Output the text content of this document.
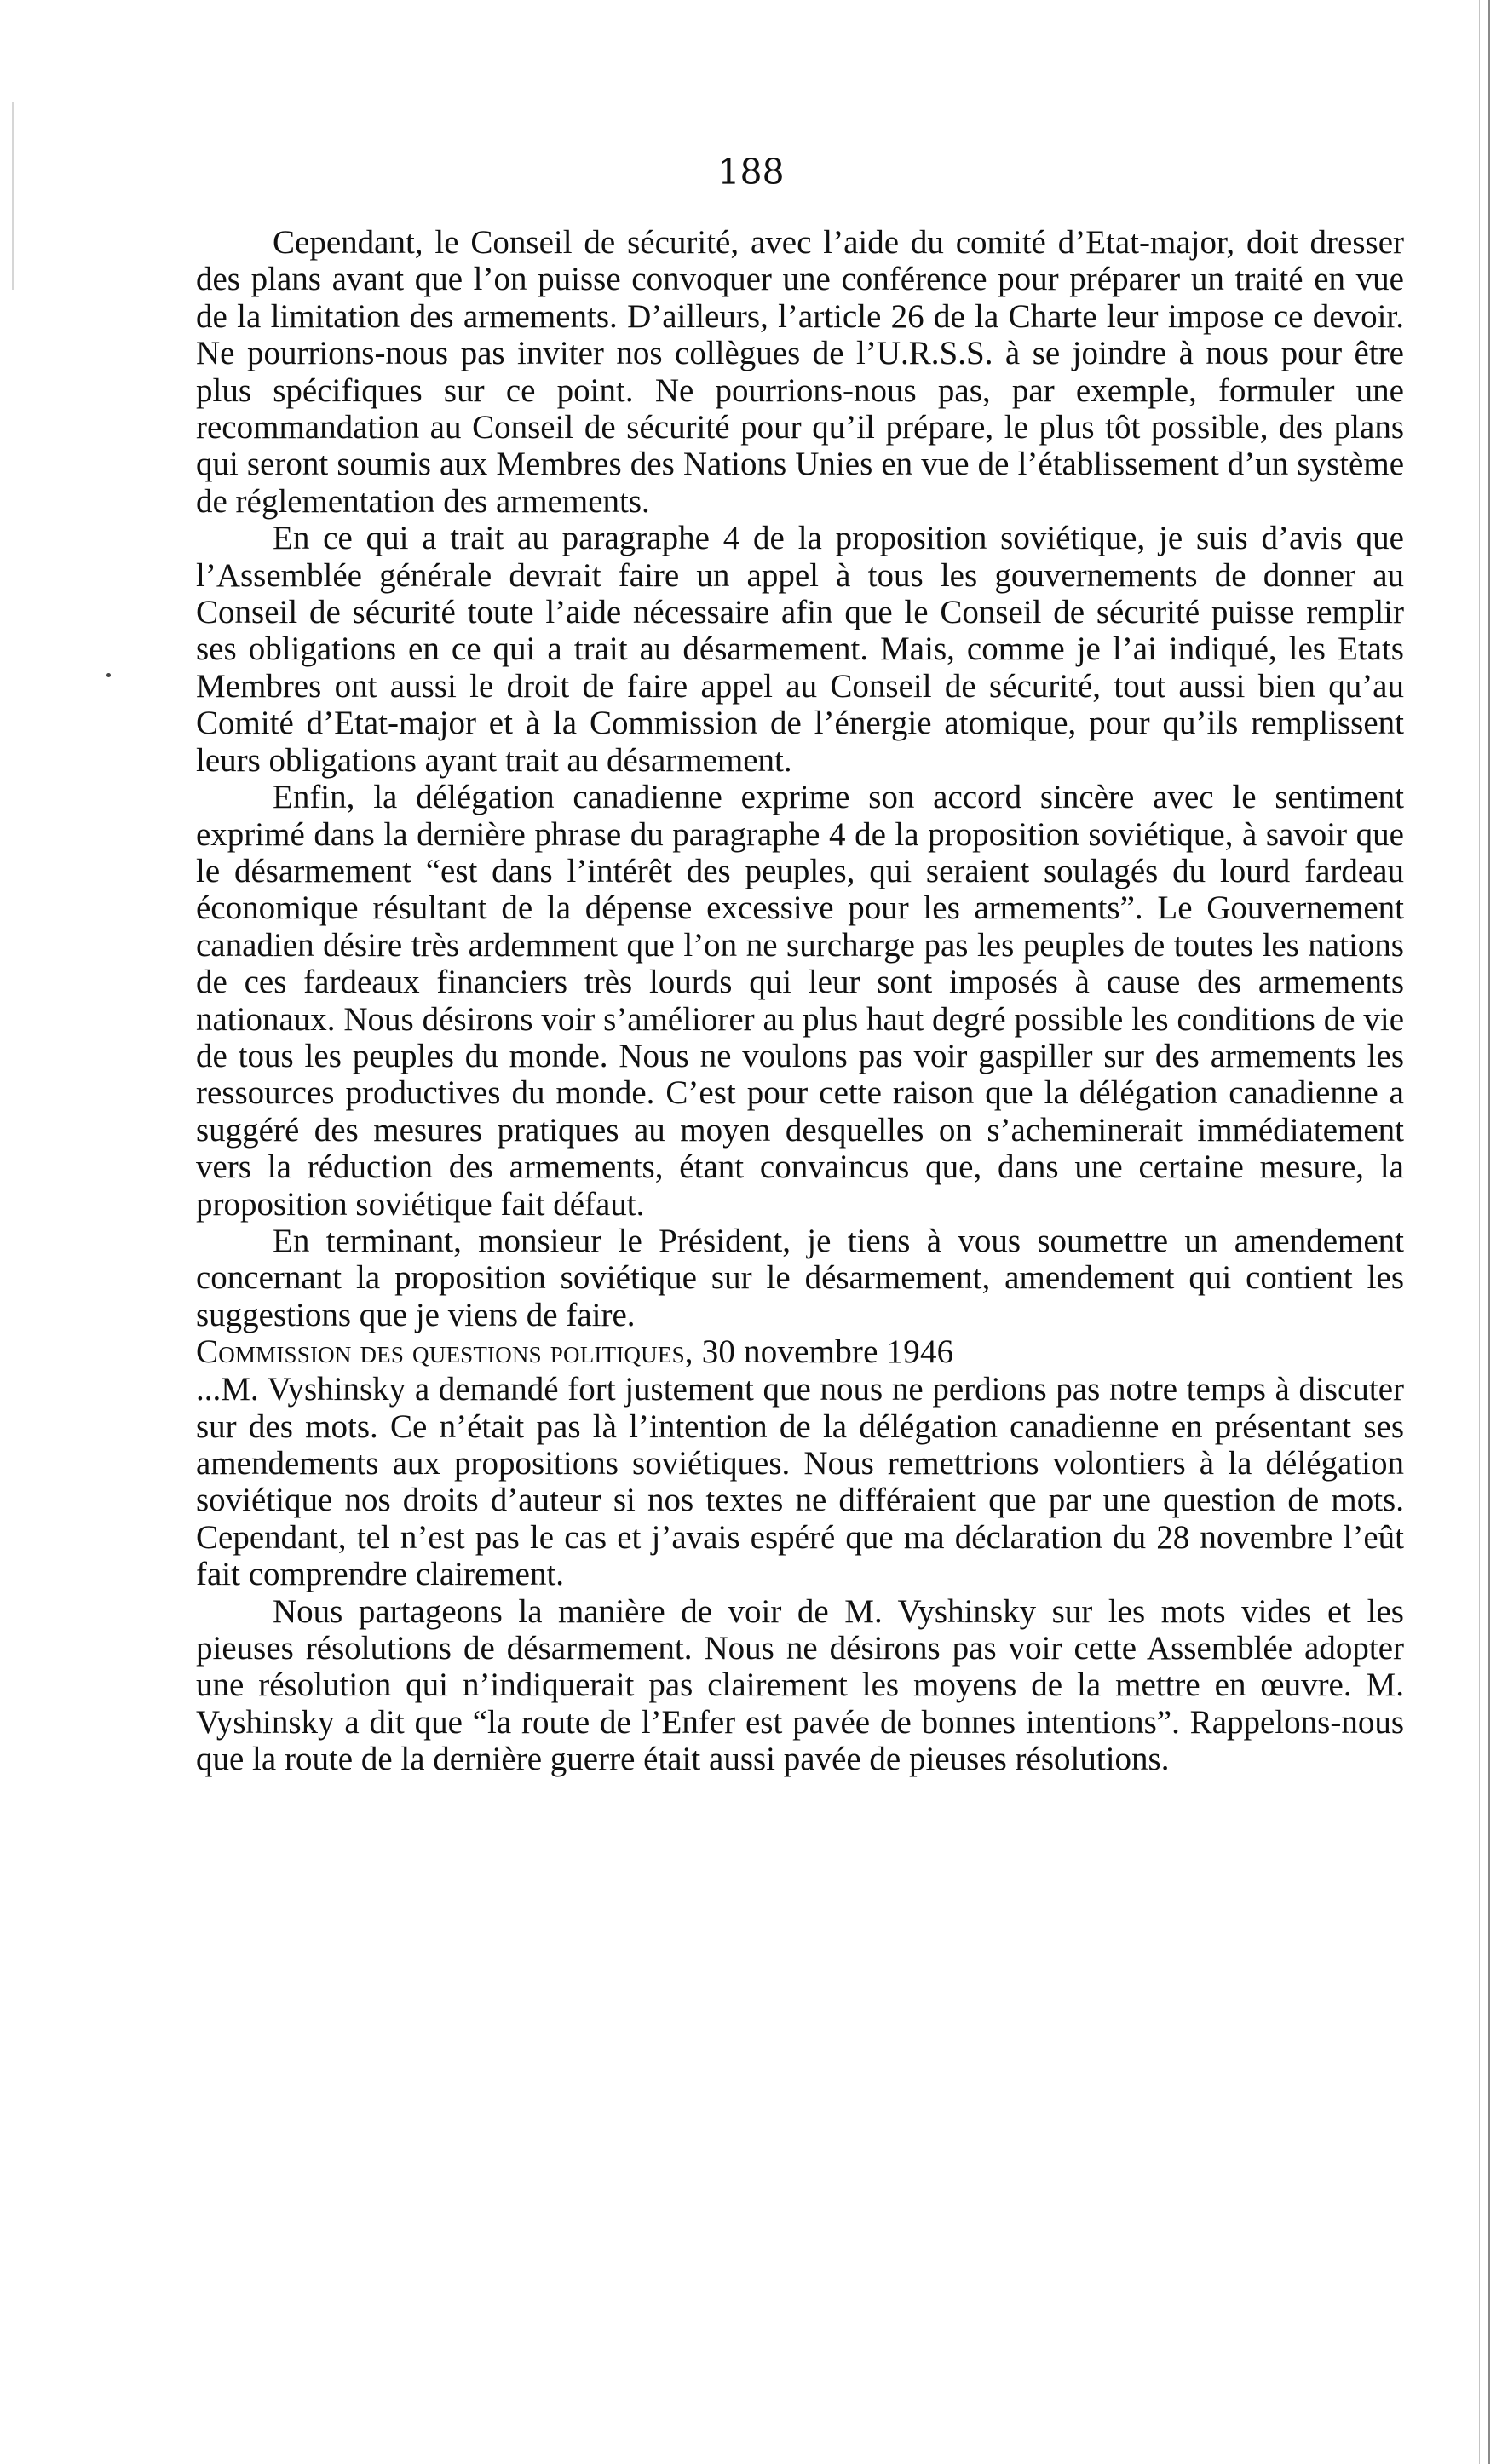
188

Cependant, le Conseil de sécurité, avec l’aide du comité d’Etat-major, doit dresser des plans avant que l’on puisse convoquer une conférence pour préparer un traité en vue de la limitation des armements. D’ailleurs, l’article 26 de la Charte leur impose ce devoir. Ne pourrions-nous pas inviter nos collègues de l’U.R.S.S. à se joindre à nous pour être plus spécifiques sur ce point. Ne pourrions-nous pas, par exemple, formuler une recommandation au Conseil de sécurité pour qu’il prépare, le plus tôt possible, des plans qui seront soumis aux Membres des Nations Unies en vue de l’établissement d’un système de réglementation des armements.

En ce qui a trait au paragraphe 4 de la proposition soviétique, je suis d’avis que l’Assemblée générale devrait faire un appel à tous les gouvernements de donner au Conseil de sécurité toute l’aide nécessaire afin que le Conseil de sécurité puisse remplir ses obligations en ce qui a trait au désarmement. Mais, comme je l’ai indiqué, les Etats Membres ont aussi le droit de faire appel au Conseil de sécurité, tout aussi bien qu’au Comité d’Etat-major et à la Commission de l’énergie atomique, pour qu’ils remplissent leurs obligations ayant trait au désarmement.

Enfin, la délégation canadienne exprime son accord sincère avec le sentiment exprimé dans la dernière phrase du paragraphe 4 de la proposition soviétique, à savoir que le désarmement “est dans l’intérêt des peuples, qui seraient soulagés du lourd fardeau économique résultant de la dépense excessive pour les armements”. Le Gouvernement canadien désire très ardemment que l’on ne surcharge pas les peuples de toutes les nations de ces fardeaux financiers très lourds qui leur sont imposés à cause des armements nationaux. Nous désirons voir s’améliorer au plus haut degré possible les conditions de vie de tous les peuples du monde. Nous ne voulons pas voir gaspiller sur des armements les ressources productives du monde. C’est pour cette raison que la délégation canadienne a suggéré des mesures pratiques au moyen desquelles on s’acheminerait immédiatement vers la réduction des armements, étant convaincus que, dans une certaine mesure, la proposition soviétique fait défaut.

En terminant, monsieur le Président, je tiens à vous soumettre un amendement concernant la proposition soviétique sur le désarmement, amendement qui contient les suggestions que je viens de faire.

Commission des questions politiques, 30 novembre 1946

...M. Vyshinsky a demandé fort justement que nous ne perdions pas notre temps à discuter sur des mots. Ce n’était pas là l’intention de la délégation canadienne en présentant ses amendements aux propositions soviétiques. Nous remettrions volontiers à la délégation soviétique nos droits d’auteur si nos textes ne différaient que par une question de mots. Cependant, tel n’est pas le cas et j’avais espéré que ma déclaration du 28 novembre l’eût fait comprendre clairement.

Nous partageons la manière de voir de M. Vyshinsky sur les mots vides et les pieuses résolutions de désarmement. Nous ne désirons pas voir cette Assemblée adopter une résolution qui n’indiquerait pas clairement les moyens de la mettre en œuvre. M. Vyshinsky a dit que “la route de l’Enfer est pavée de bonnes intentions”. Rappelons-nous que la route de la dernière guerre était aussi pavée de pieuses résolutions.
